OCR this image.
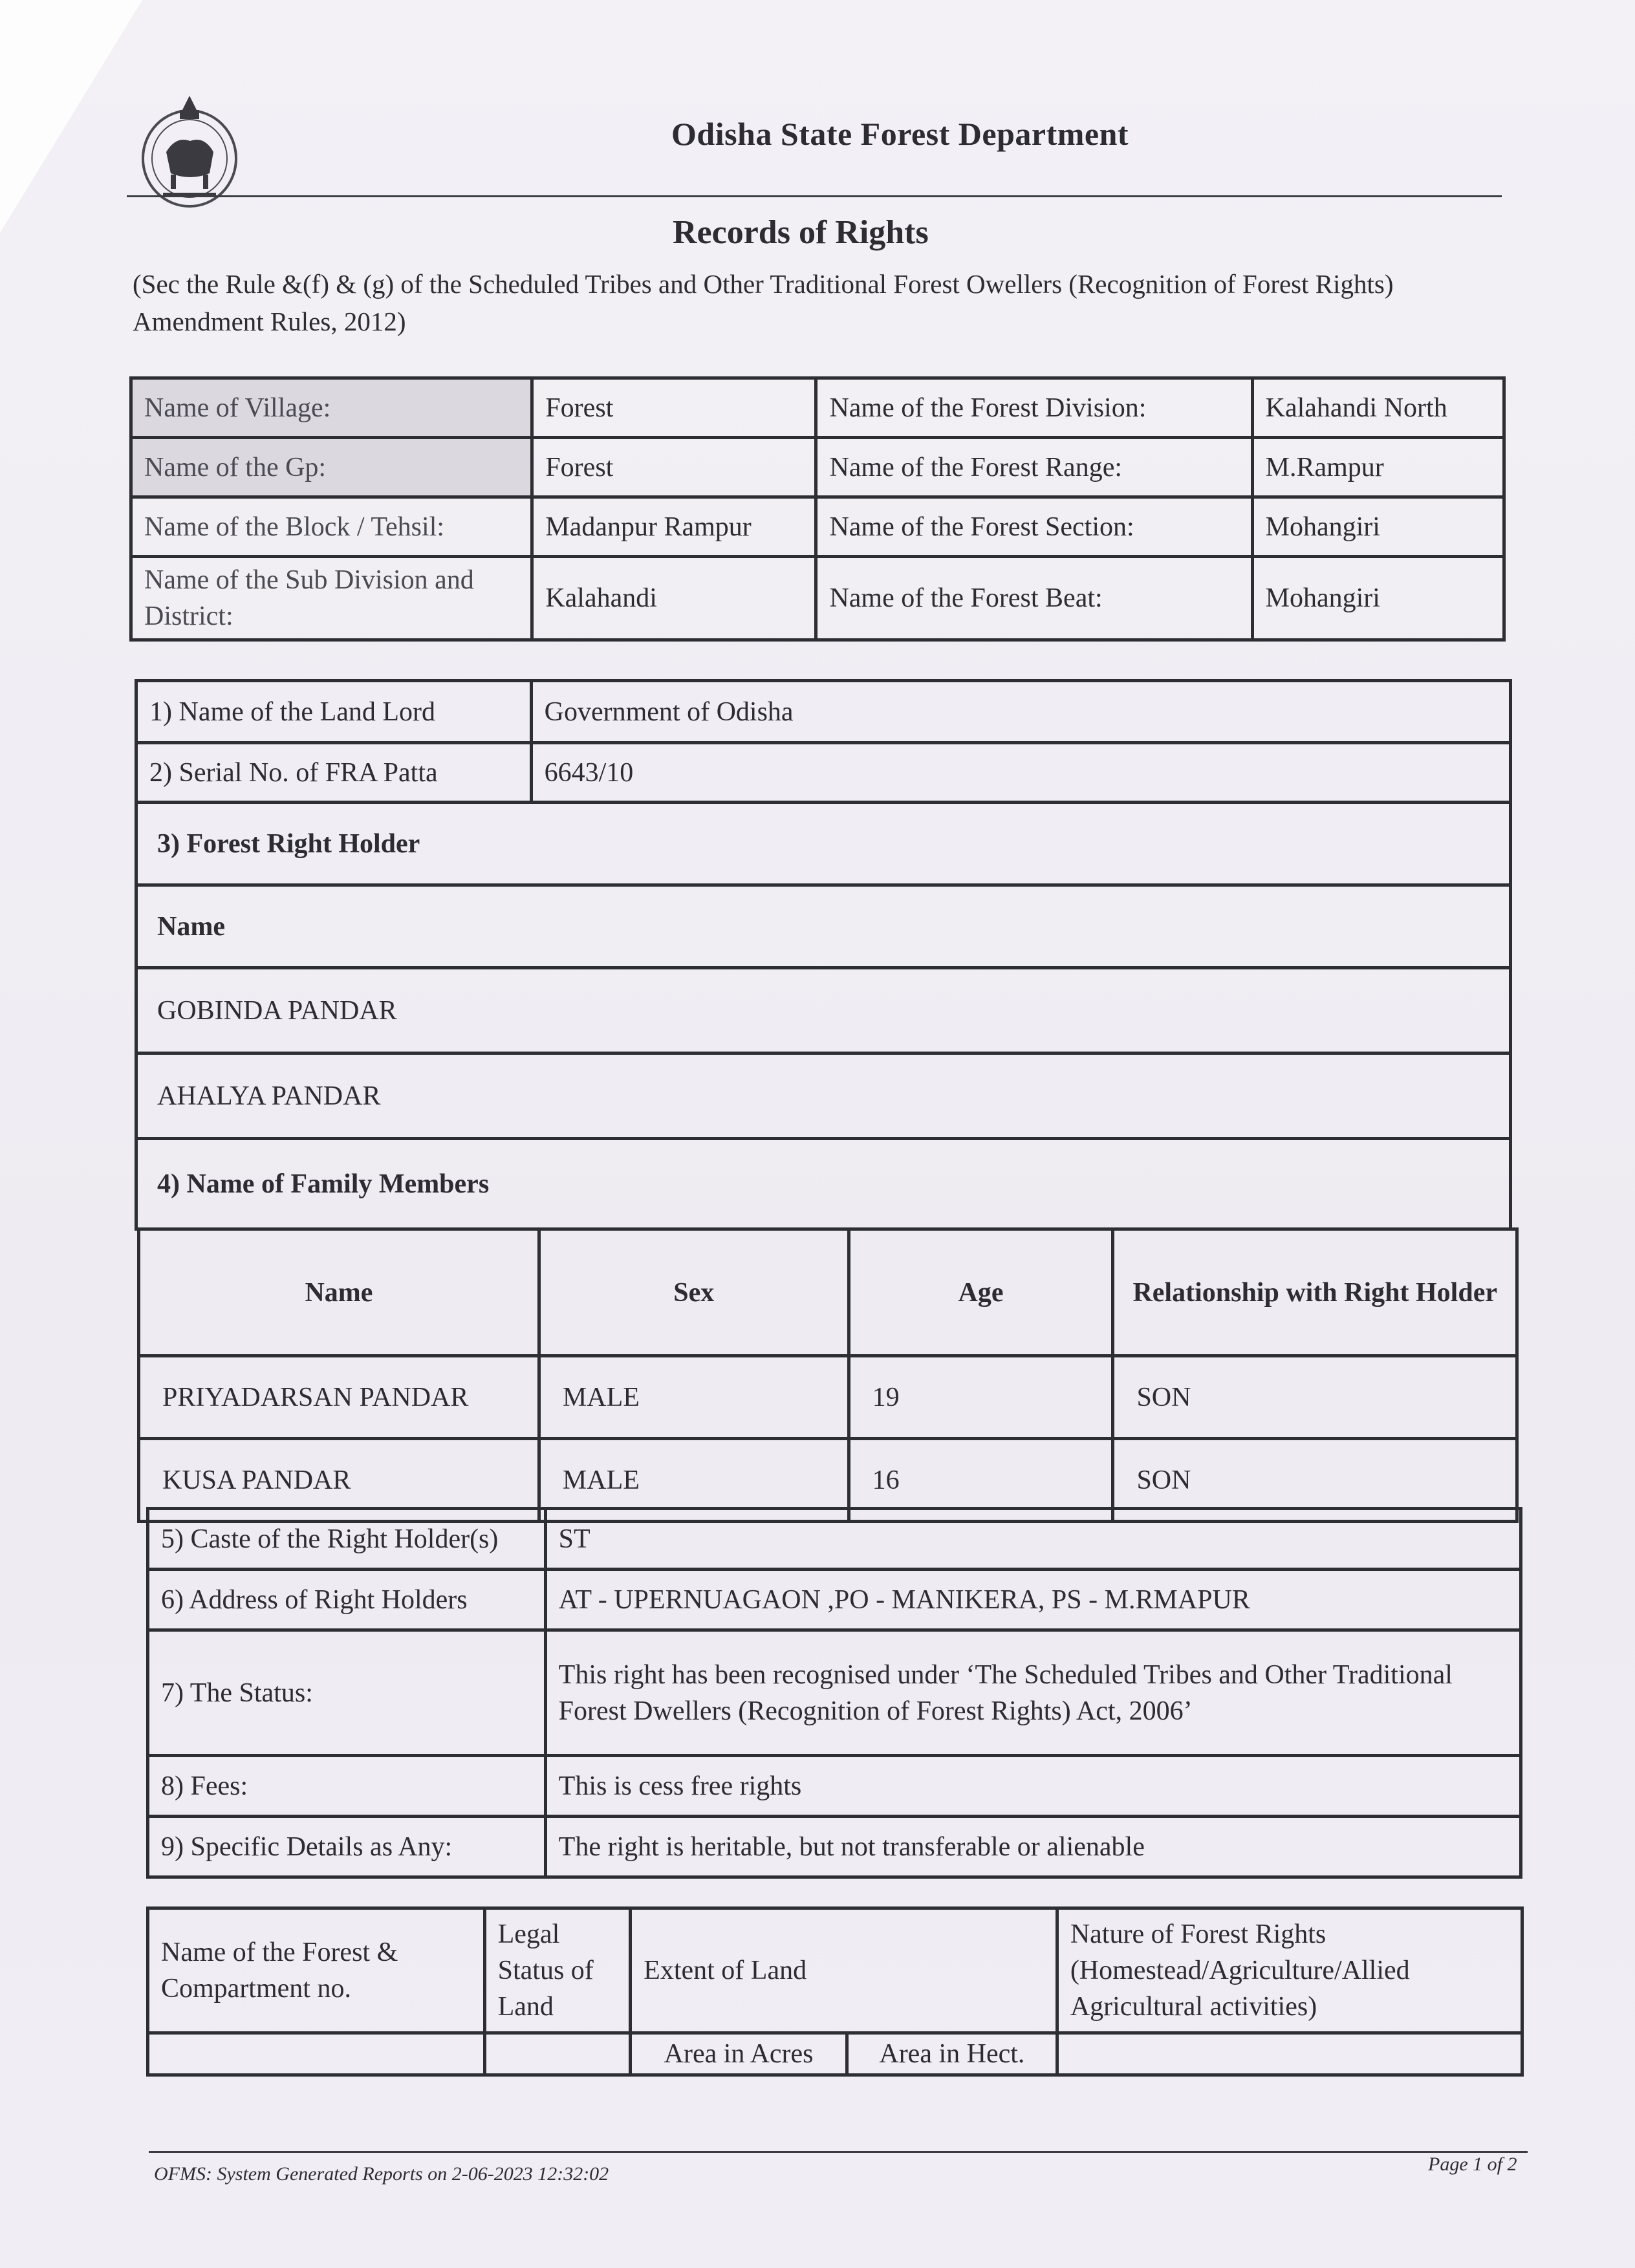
Odisha State Forest Department
Records of Rights
(Sec the Rule &(f) & (g) of the Scheduled Tribes and Other Traditional Forest Owellers (Recognition of Forest Rights) Amendment Rules, 2012)
Name of Village:	Forest	Name of the Forest Division:	Kalahandi North
Name of the Gp:	Forest	Name of the Forest Range:	M.Rampur
Name of the Block / Tehsil:	Madanpur Rampur	Name of the Forest Section:	Mohangiri
Name of the Sub Division and District:	Kalahandi	Name of the Forest Beat:	Mohangiri
1) Name of the Land Lord	Government of Odisha
2) Serial No. of FRA Patta	6643/10
3) Forest Right Holder	
Name	
GOBINDA PANDAR	
AHALYA PANDAR	
4) Name of Family Members	
Name	Sex	Age	Relationship with Right Holder
PRIYADARSAN PANDAR	MALE	19	SON
KUSA PANDAR	MALE	16	SON
5) Caste of the Right Holder(s)	ST
6) Address of Right Holders	AT - UPERNUAGAON ,PO - MANIKERA, PS - M.RMAPUR
7) The Status:	This right has been recognised under ‘The Scheduled Tribes and Other Traditional
Forest Dwellers (Recognition of Forest Rights) Act, 2006’

8) Fees:	This is cess free rights
9) Specific Details as Any:	The right is heritable, but not transferable or alienable
Name of the Forest & Compartment no.	Legal Status of Land	Extent of Land		Nature of Forest Rights (Homestead/Agriculture/Allied Agricultural activities)
		Area in Acres	Area in Hect.	
OFMS: System Generated Reports on 2-06-2023 12:32:02	Page 1 of 2
